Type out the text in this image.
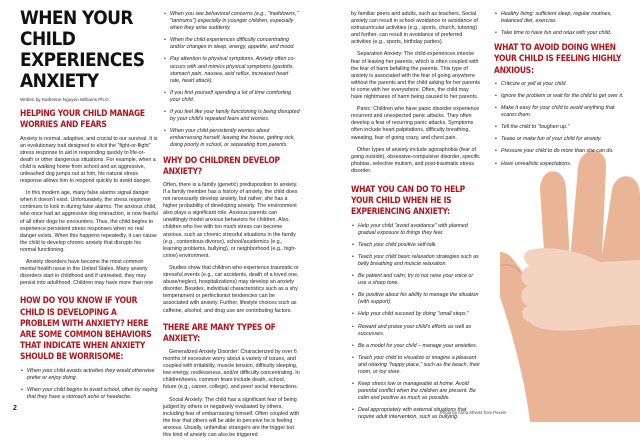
WHEN YOUR
CHILD
EXPERIENCES
ANXIETY
Written by Katherine Nguyen Williams Ph.D.
HELPING YOUR CHILD MANAGE WORRIES AND FEARS

Anxiety is normal, adaptive, and crucial to our survival. It is an evolutionary trait designed to elicit the "fight-or-flight" stress response to aid in responding quickly to life-or-death or other dangerous situations. For example, when a child is walking home from school and an aggressive, unleashed dog jumps out at him, his natural stress response allows him to respond quickly to avoid danger.

In this modern age, many false alarms signal danger when it doesn't exist. Unfortunately, the stress response continues to kick in during false alarms. The anxious child, who once had an aggressive dog interaction, is now fearful of all other dogs he encounters. Thus, the child begins to experience persistent stress responses when no real danger exists. When this happens repeatedly, it can cause the child to develop chronic anxiety that disrupts his normal functioning.

Anxiety disorders have become the most common mental health issue in the United States. Many anxiety disorders start in childhood and if untreated, they may persist into adulthood. Children may have more than one

HOW DO YOU KNOW IF YOUR CHILD IS DEVELOPING A PROBLEM WITH ANXIETY? HERE ARE SOME COMMON BEHAVIORS THAT INDICATE WHEN ANXIETY SHOULD BE WORRISOME:
• When your child avoids activities they would otherwise prefer or enjoy doing.
• When your child begins to avoid school, often by saying that they have a stomach ache or headache.
• When you see behavioral concerns (e.g., "meltdowns," "tantrums") especially in younger children, especially when they arise suddenly.
• When the child experiences difficulty concentrating and/or changes in sleep, energy, appetite, and mood.
• Pay attention to physical symptoms. Anxiety often co-occurs with and mimics physical symptoms (gastritis, stomach pain, nausea, acid reflux, increased heart rate, heart attack).
• If you find yourself spending a lot of time comforting your child.
• If you feel like your family functioning is being disrupted by your child's repeated fears and worries.
• When your child persistently worries about embarrassing herself, leaving the house, getting sick, doing poorly in school, or separating from parents.
WHY DO CHILDREN DEVELOP ANXIETY?

Often, there is a family (genetic) predisposition to anxiety. If a family member has a history of anxiety, the child does not necessarily develop anxiety, but rather, she has a higher probability of developing anxiety. The environment also plays a significant role. Anxious parents can unwittingly model anxious behaviors for children. Also, children who live with too much stress can become anxious, such as chronic stressful situations in the family (e.g., contentious divorce), school/academics (e.g., learning problems, bullying), or neighborhood (e.g., high-crime) environment.

Studies show that children who experience traumatic or stressful events (e.g., car accidents, death of a loved one, abuse/neglect, hospitalizations) may develop an anxiety disorder. Besides, individual characteristics such as a shy temperament or perfectionist tendencies can be associated with anxiety. Further, lifestyle choices such as caffeine, alcohol, and drug use are contributing factors.

THERE ARE MANY TYPES OF ANXIETY:

Generalized Anxiety Disorder: Characterized by over 6 months of excessive worry about a variety of issues, and coupled with irritability, muscle tension, difficulty sleeping, low energy, restlessness, and/or difficulty concentrating. In children/teens, common fears include death, school, future (e.g., career, college), and peer/ social interactions.

Social Anxiety: The child has a significant fear of being judged by others or negatively evaluated by others, including fear of embarrassing himself. Often coupled with the fear that others will be able to perceive he is feeling anxious. Usually, unfamiliar strangers are the trigger but this kind of anxiety can also be triggered

2

by familiar peers and adults, such as teachers. Social anxiety can result in school avoidance or avoidance of extracurricular activities (e.g., sports, church, tutoring) and further, can result in avoidance of preferred activities (e.g., sports, birthday parties).

Separation Anxiety: The child experiences intense fear of leaving her parents, which is often coupled with the fear of harm befalling the parents. This type of anxiety is associated with the fear of going anywhere without the parents and the child asking for her parents to come with her everywhere. Often, the child may have nightmares of harm being caused to her parents.

Panic: Children who have panic disorder experience recurrent and unexpected panic attacks. They often develop a fear of recurring panic attacks. Symptoms often include heart palpitations, difficulty breathing, sweating, fear of going crazy, and chest pain.

Other types of anxiety include agoraphobia (fear of going outside), obsessive-compulsive disorder, specific phobias, selective mutism, and post-traumatic stress disorder.

WHAT YOU CAN DO TO HELP YOUR CHILD WHEN HE IS EXPERIENCING ANXIETY:
• Help your child "avoid avoidance" with planned gradual exposure to things they fear.
• Teach your child positive self-talk.
• Teach your child basic relaxation strategies such as belly breathing and muscle relaxation.
• Be patient and calm; try to not raise your voice or use a sharp tone.
• Be positive about his ability to manage the situation (with support).
• Help your child succeed by doing "small steps."
• Reward and praise your child's efforts as well as successes.
• Be a model for your child – manage your anxieties.
• Teach your child to visualize or imagine a pleasant and relaxing "happy place," such as the beach, their room, or toy store.
• Keep stress low or manageable at home. Avoid parental conflict when the children are present. Be calm and positive as much as possible.
• Deal appropriately with external situations that require adult intervention, such as bullying.
• Healthy living: sufficient sleep, regular routines, balanced diet, exercise.
• Take time to have fun and relax with your child.
WHAT TO AVOID DOING WHEN YOUR CHILD IS FEELING HIGHLY ANXIOUS:
• Criticize or yell at your child.
• Ignore the problem or wait for the child to get over it.
• Make it easy for your child to avoid anything that scares them.
• Tell the child to "toughen up."
• Tease or make fun of your child for anxiety.
• Pressure your child to do more than she can do.
• Have unrealistic expectations.
Photo by Anna Shvets from Pexels
